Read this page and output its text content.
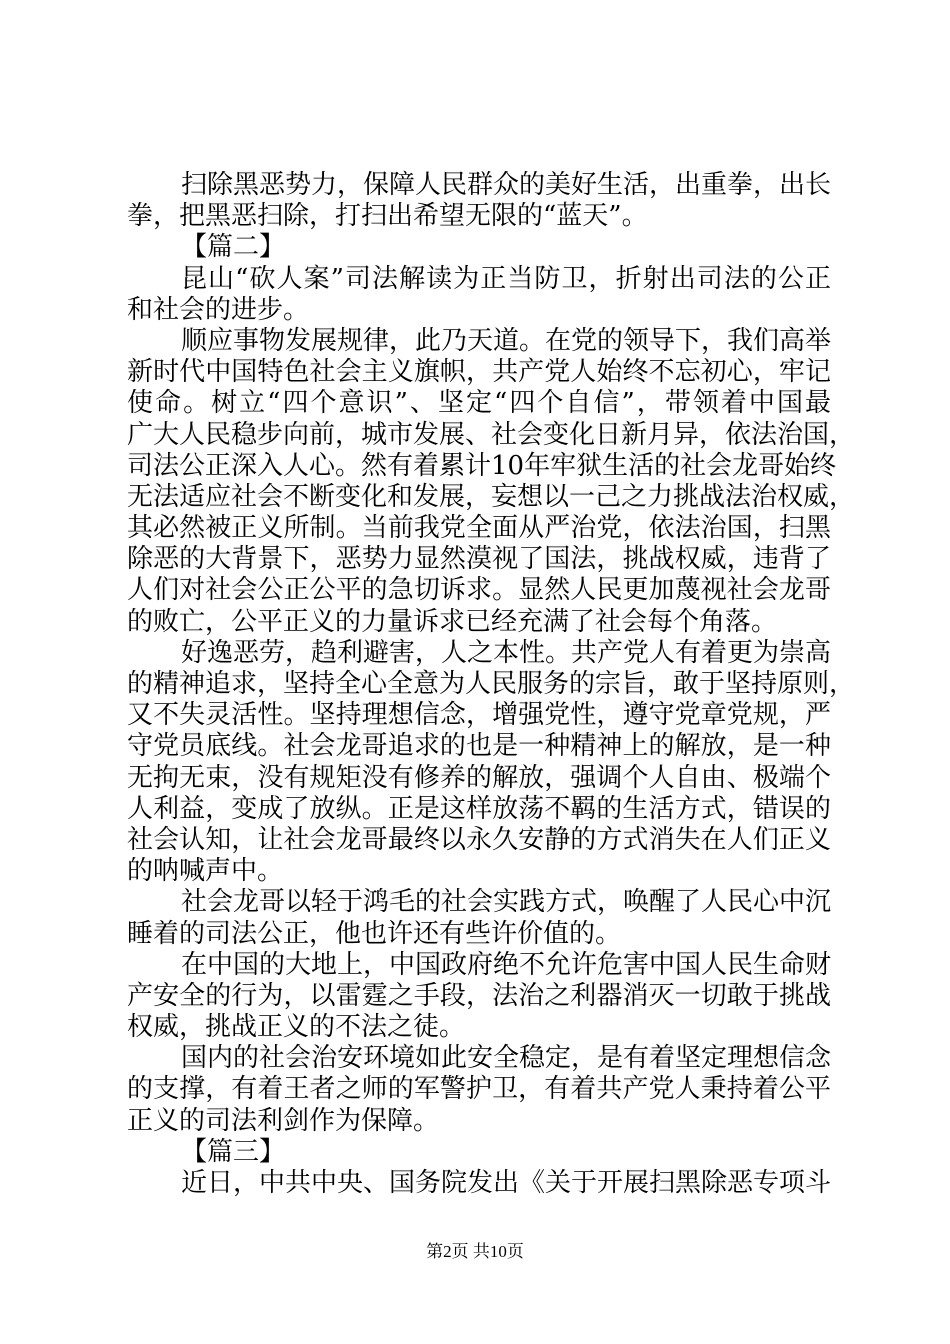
扫除黑恶势力，保障人民群众的美好生活，出重拳，出长
拳，把黑恶扫除，打扫出希望无限的“蓝天”。
【篇二】
昆山“砍人案”司法解读为正当防卫，折射出司法的公正
和社会的进步。
顺应事物发展规律，此乃天道。在党的领导下，我们高举
新时代中国特色社会主义旗帜，共产党人始终不忘初心，牢记
使命。树立“四个意识”、坚定“四个自信”，带领着中国最
广大人民稳步向前，城市发展、社会变化日新月异，依法治国，
司法公正深入人心。然有着累计10年牢狱生活的社会龙哥始终
无法适应社会不断变化和发展，妄想以一己之力挑战法治权威，
其必然被正义所制。当前我党全面从严治党，依法治国，扫黑
除恶的大背景下，恶势力显然漠视了国法，挑战权威，违背了
人们对社会公正公平的急切诉求。显然人民更加蔑视社会龙哥
的败亡，公平正义的力量诉求已经充满了社会每个角落。
好逸恶劳，趋利避害，人之本性。共产党人有着更为崇高
的精神追求，坚持全心全意为人民服务的宗旨，敢于坚持原则，
又不失灵活性。坚持理想信念，增强党性，遵守党章党规，严
守党员底线。社会龙哥追求的也是一种精神上的解放，是一种
无拘无束，没有规矩没有修养的解放，强调个人自由、极端个
人利益，变成了放纵。正是这样放荡不羁的生活方式，错误的
社会认知，让社会龙哥最终以永久安静的方式消失在人们正义
的呐喊声中。
社会龙哥以轻于鸿毛的社会实践方式，唤醒了人民心中沉
睡着的司法公正，他也许还有些许价值的。
在中国的大地上，中国政府绝不允许危害中国人民生命财
产安全的行为，以雷霆之手段，法治之利器消灭一切敢于挑战
权威，挑战正义的不法之徒。
国内的社会治安环境如此安全稳定，是有着坚定理想信念
的支撑，有着王者之师的军警护卫，有着共产党人秉持着公平
正义的司法利剑作为保障。
【篇三】
近日，中共中央、国务院发出《关于开展扫黑除恶专项斗
第2页 共10页
